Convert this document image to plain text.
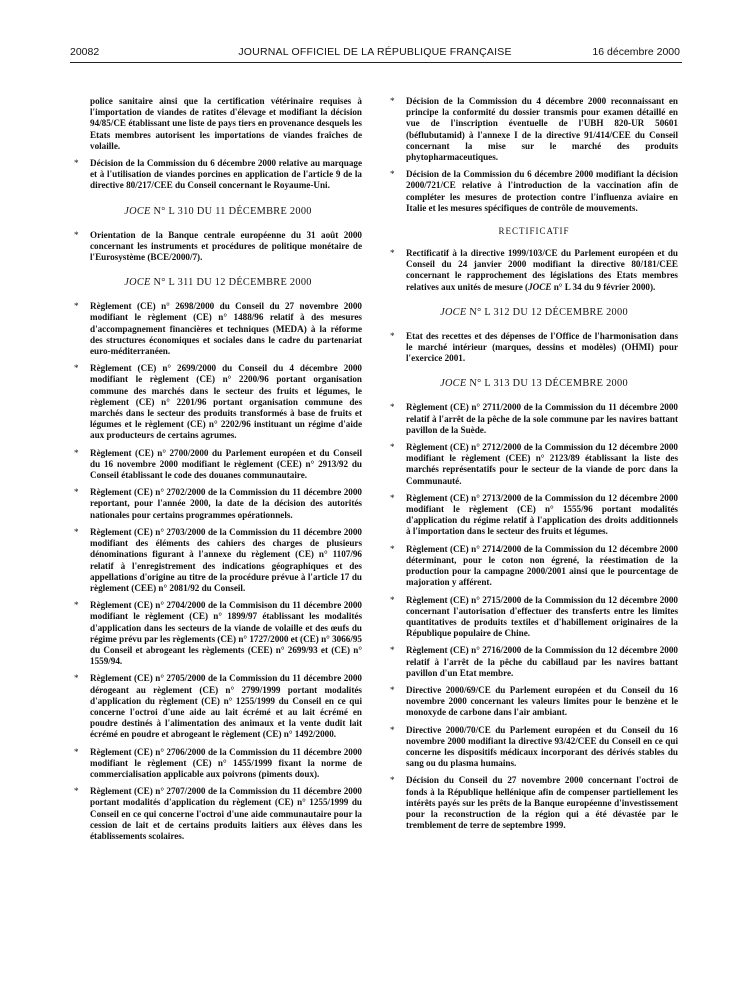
20082	JOURNAL OFFICIEL DE LA RÉPUBLIQUE FRANÇAISE	16 décembre 2000
police sanitaire ainsi que la certification vétérinaire requises à l'importation de viandes de ratites d'élevage et modifiant la décision 94/85/CE établissant une liste de pays tiers en provenance desquels les Etats membres autorisent les importations de viandes fraîches de volaille.
* Décision de la Commission du 6 décembre 2000 relative au marquage et à l'utilisation de viandes porcines en application de l'article 9 de la directive 80/217/CEE du Conseil concernant le Royaume-Uni.
JOCE N° L 310 DU 11 DÉCEMBRE 2000
* Orientation de la Banque centrale européenne du 31 août 2000 concernant les instruments et procédures de politique monétaire de l'Eurosystème (BCE/2000/7).
JOCE N° L 311 DU 12 DÉCEMBRE 2000
* Règlement (CE) n° 2698/2000 du Conseil du 27 novembre 2000 modifiant le règlement (CE) n° 1488/96 relatif à des mesures d'accompagnement financières et techniques (MEDA) à la réforme des structures économiques et sociales dans le cadre du partenariat euro-méditerranéen.
* Règlement (CE) n° 2699/2000 du Conseil du 4 décembre 2000 modifiant le règlement (CE) n° 2200/96 portant organisation commune des marchés dans le secteur des fruits et légumes, le règlement (CE) n° 2201/96 portant organisation commune des marchés dans le secteur des produits transformés à base de fruits et légumes et le règlement (CE) n° 2202/96 instituant un régime d'aide aux producteurs de certains agrumes.
* Règlement (CE) n° 2700/2000 du Parlement européen et du Conseil du 16 novembre 2000 modifiant le règlement (CEE) n° 2913/92 du Conseil établissant le code des douanes communautaire.
* Règlement (CE) n° 2702/2000 de la Commission du 11 décembre 2000 reportant, pour l'année 2000, la date de la décision des autorités nationales pour certains programmes opérationnels.
* Règlement (CE) n° 2703/2000 de la Commission du 11 décembre 2000 modifiant des éléments des cahiers des charges de plusieurs dénominations figurant à l'annexe du règlement (CE) n° 1107/96 relatif à l'enregistrement des indications géographiques et des appellations d'origine au titre de la procédure prévue à l'article 17 du règlement (CEE) n° 2081/92 du Conseil.
* Règlement (CE) n° 2704/2000 de la Commisison du 11 décembre 2000 modifiant le règlement (CE) n° 1899/97 établissant les modalités d'application dans les secteurs de la viande de volaille et des œufs du régime prévu par les règlements (CE) n° 1727/2000 et (CE) n° 3066/95 du Conseil et abrogeant les règlements (CEE) n° 2699/93 et (CE) n° 1559/94.
* Règlement (CE) n° 2705/2000 de la Commission du 11 décembre 2000 dérogeant au règlement (CE) n° 2799/1999 portant modalités d'application du règlement (CE) n° 1255/1999 du Conseil en ce qui concerne l'octroi d'une aide au lait écrémé et au lait écrémé en poudre destinés à l'alimentation des animaux et la vente dudit lait écrémé en poudre et abrogeant le règlement (CE) n° 1492/2000.
* Règlement (CE) n° 2706/2000 de la Commission du 11 décembre 2000 modifiant le règlement (CE) n° 1455/1999 fixant la norme de commercialisation applicable aux poivrons (piments doux).
* Règlement (CE) n° 2707/2000 de la Commission du 11 décembre 2000 portant modalités d'application du règlement (CE) n° 1255/1999 du Conseil en ce qui concerne l'octroi d'une aide communautaire pour la cession de lait et de certains produits laitiers aux élèves dans les établissements scolaires.
* Décision de la Commission du 4 décembre 2000 reconnaissant en principe la conformité du dossier transmis pour examen détaillé en vue de l'inscription éventuelle de l'UBH 820-UR 50601 (béflubutamid) à l'annexe I de la directive 91/414/CEE du Conseil concernant la mise sur le marché des produits phytopharmaceutiques.
* Décision de la Commission du 6 décembre 2000 modifiant la décision 2000/721/CE relative à l'introduction de la vaccination afin de compléter les mesures de protection contre l'influenza aviaire en Italie et les mesures spécifiques de contrôle de mouvements.
RECTIFICATIF
* Rectificatif à la directive 1999/103/CE du Parlement européen et du Conseil du 24 janvier 2000 modifiant la directive 80/181/CEE concernant le rapprochement des législations des Etats membres relatives aux unités de mesure (JOCE n° L 34 du 9 février 2000).
JOCE N° L 312 DU 12 DÉCEMBRE 2000
* Etat des recettes et des dépenses de l'Office de l'harmonisation dans le marché intérieur (marques, dessins et modèles) (OHMI) pour l'exercice 2001.
JOCE N° L 313 DU 13 DÉCEMBRE 2000
* Règlement (CE) n° 2711/2000 de la Commission du 11 décembre 2000 relatif à l'arrêt de la pêche de la sole commune par les navires battant pavillon de la Suède.
* Règlement (CE) n° 2712/2000 de la Commission du 12 décembre 2000 modifiant le règlement (CEE) n° 2123/89 établissant la liste des marchés représentatifs pour le secteur de la viande de porc dans la Communauté.
* Règlement (CE) n° 2713/2000 de la Commission du 12 décembre 2000 modifiant le règlement (CE) n° 1555/96 portant modalités d'application du régime relatif à l'application des droits additionnels à l'importation dans le secteur des fruits et légumes.
* Règlement (CE) n° 2714/2000 de la Commission du 12 décembre 2000 déterminant, pour le coton non égrené, la réestimation de la production pour la campagne 2000/2001 ainsi que le pourcentage de majoration y afférent.
* Règlement (CE) n° 2715/2000 de la Commission du 12 décembre 2000 concernant l'autorisation d'effectuer des transferts entre les limites quantitatives de produits textiles et d'habillement originaires de la République populaire de Chine.
* Règlement (CE) n° 2716/2000 de la Commission du 12 décembre 2000 relatif à l'arrêt de la pêche du cabillaud par les navires battant pavillon d'un Etat membre.
* Directive 2000/69/CE du Parlement européen et du Conseil du 16 novembre 2000 concernant les valeurs limites pour le benzène et le monoxyde de carbone dans l'air ambiant.
* Directive 2000/70/CE du Parlement européen et du Conseil du 16 novembre 2000 modifiant la directive 93/42/CEE du Conseil en ce qui concerne les dispositifs médicaux incorporant des dérivés stables du sang ou du plasma humains.
* Décision du Conseil du 27 novembre 2000 concernant l'octroi de fonds à la République hellénique afin de compenser partiellement les intérêts payés sur les prêts de la Banque européenne d'investissement pour la reconstruction de la région qui a été dévastée par le tremblement de terre de septembre 1999.
